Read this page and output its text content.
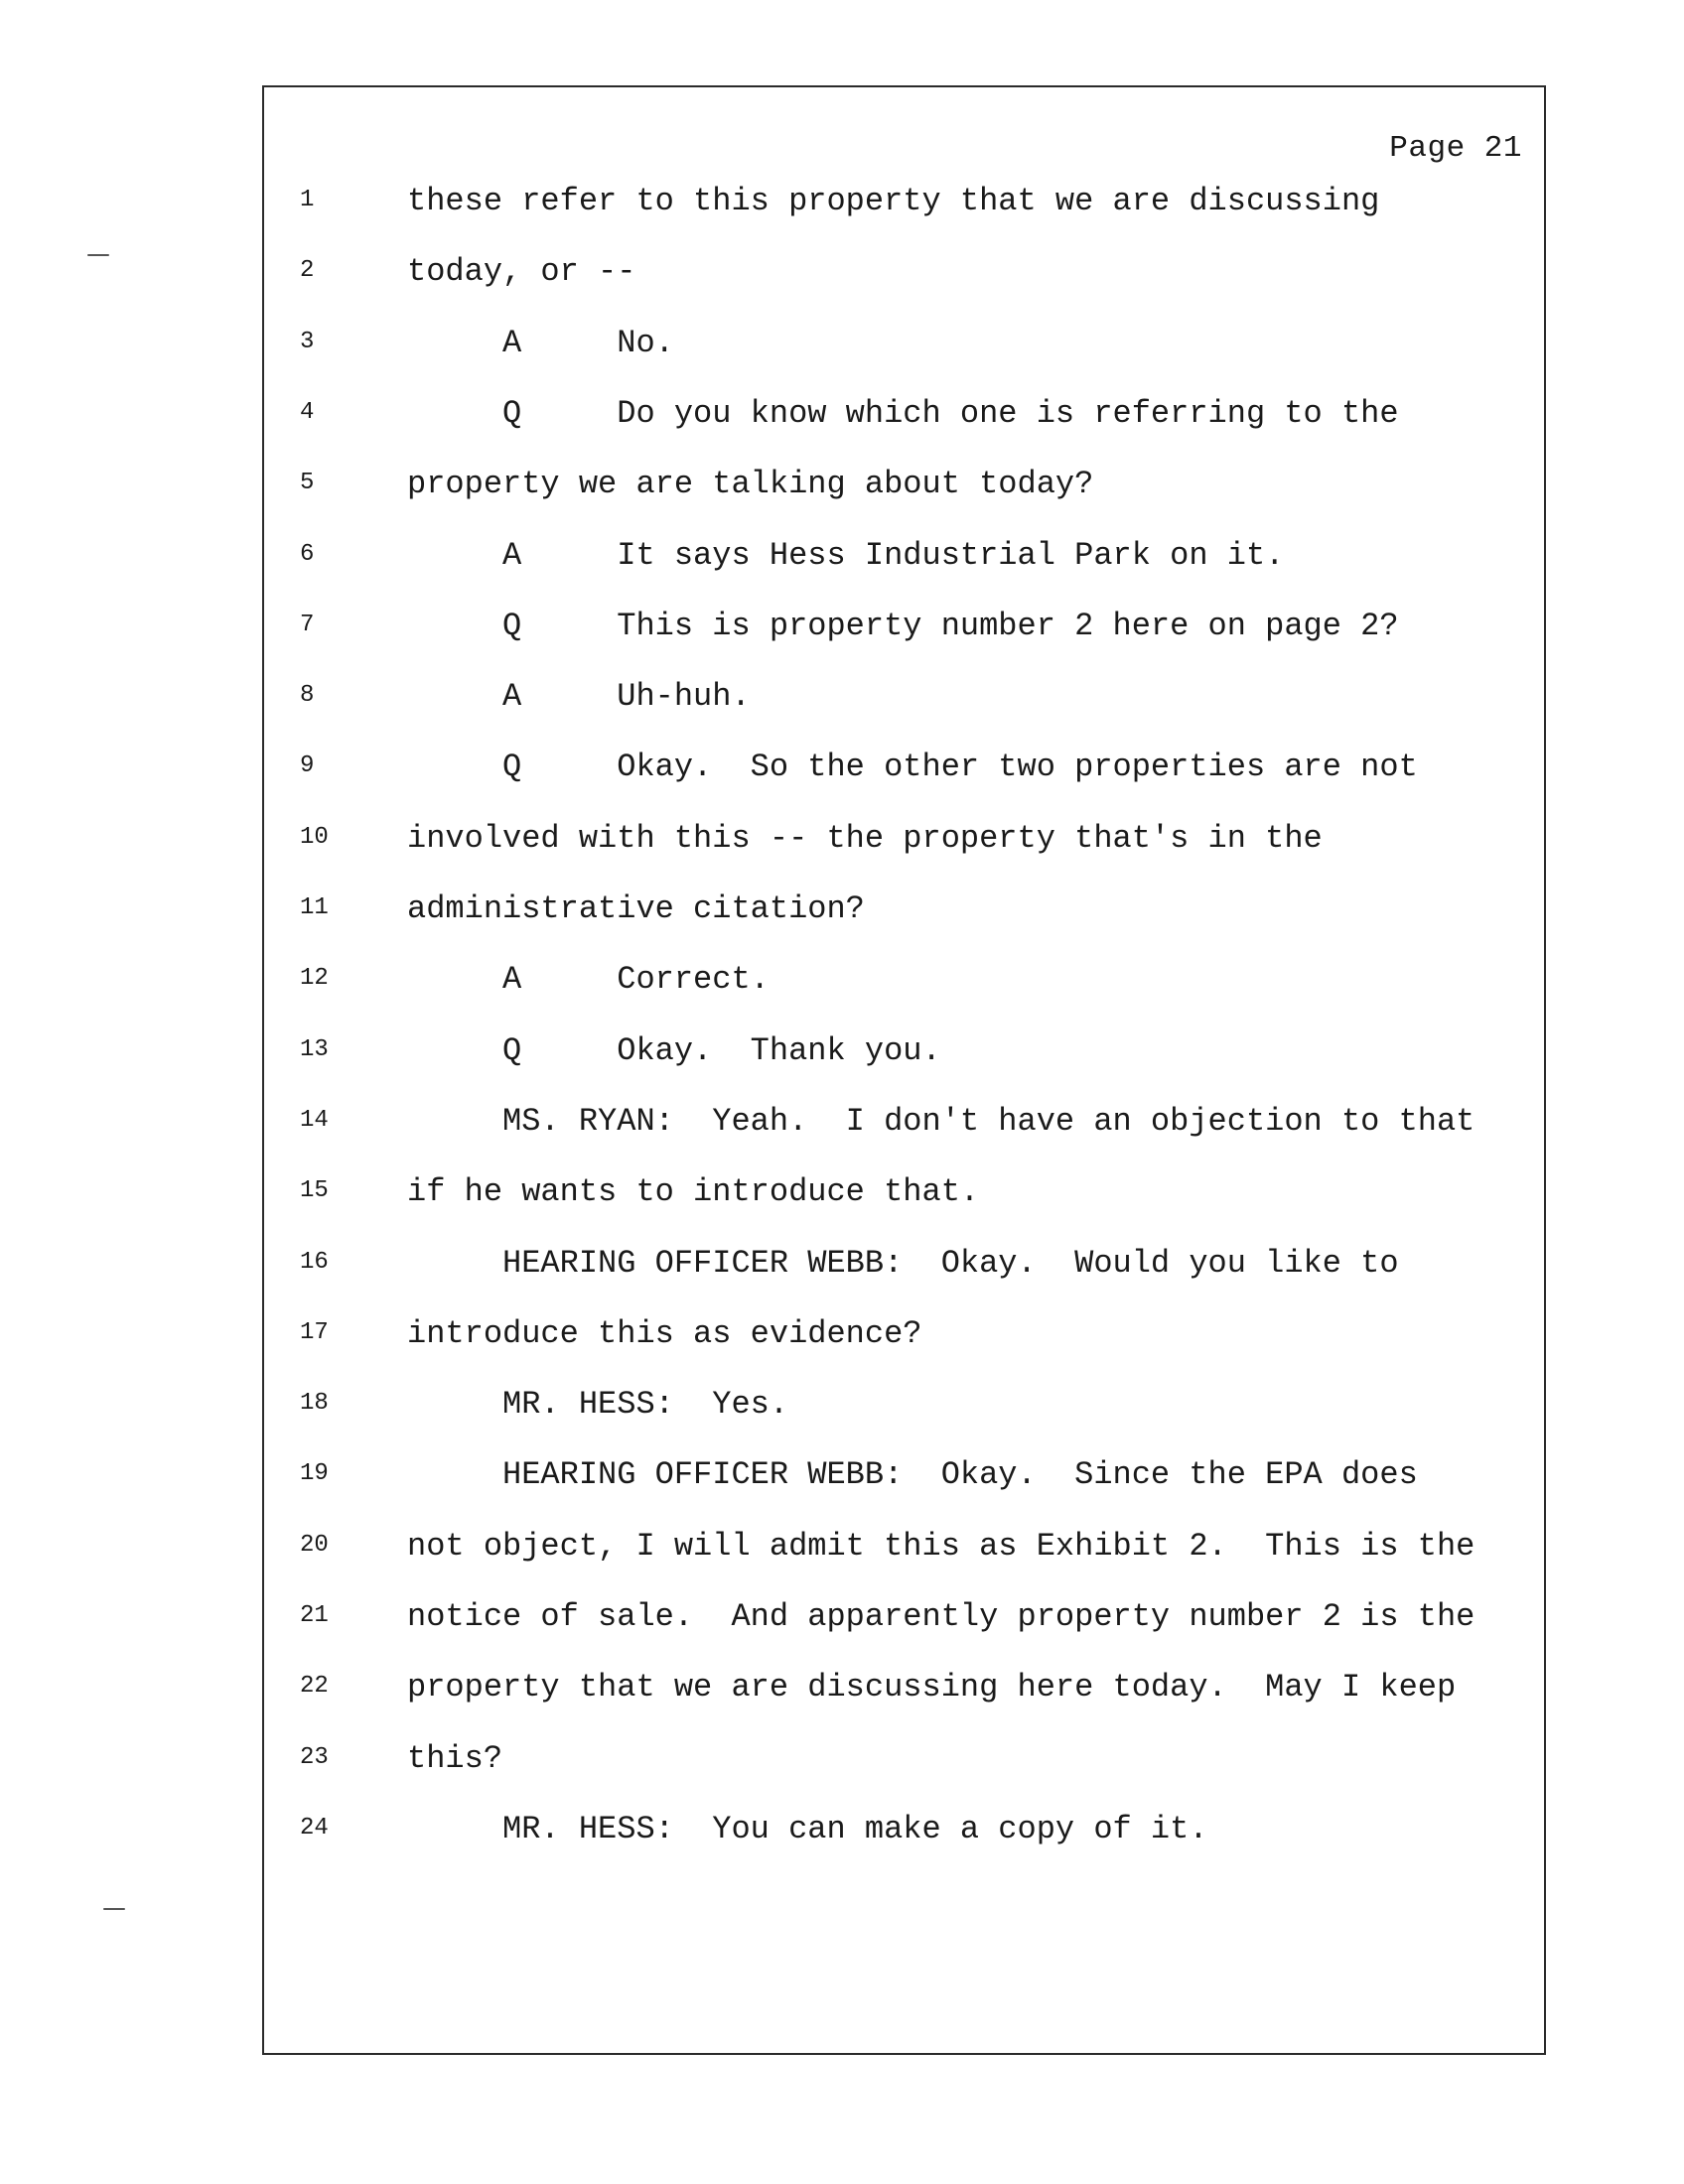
Page 21
1	these refer to this property that we are discussing
2	today, or --
3	A     No.
4	Q     Do you know which one is referring to the
5	property we are talking about today?
6	A     It says Hess Industrial Park on it.
7	Q     This is property number 2 here on page 2?
8	A     Uh-huh.
9	Q     Okay.  So the other two properties are not
10	involved with this -- the property that's in the
11	administrative citation?
12	A     Correct.
13	Q     Okay.  Thank you.
14	MS. RYAN:  Yeah.  I don't have an objection to that
15	if he wants to introduce that.
16	HEARING OFFICER WEBB:  Okay.  Would you like to
17	introduce this as evidence?
18	MR. HESS:  Yes.
19	HEARING OFFICER WEBB:  Okay.  Since the EPA does
20	not object, I will admit this as Exhibit 2.  This is the
21	notice of sale.  And apparently property number 2 is the
22	property that we are discussing here today.  May I keep
23	this?
24	MR. HESS:  You can make a copy of it.
